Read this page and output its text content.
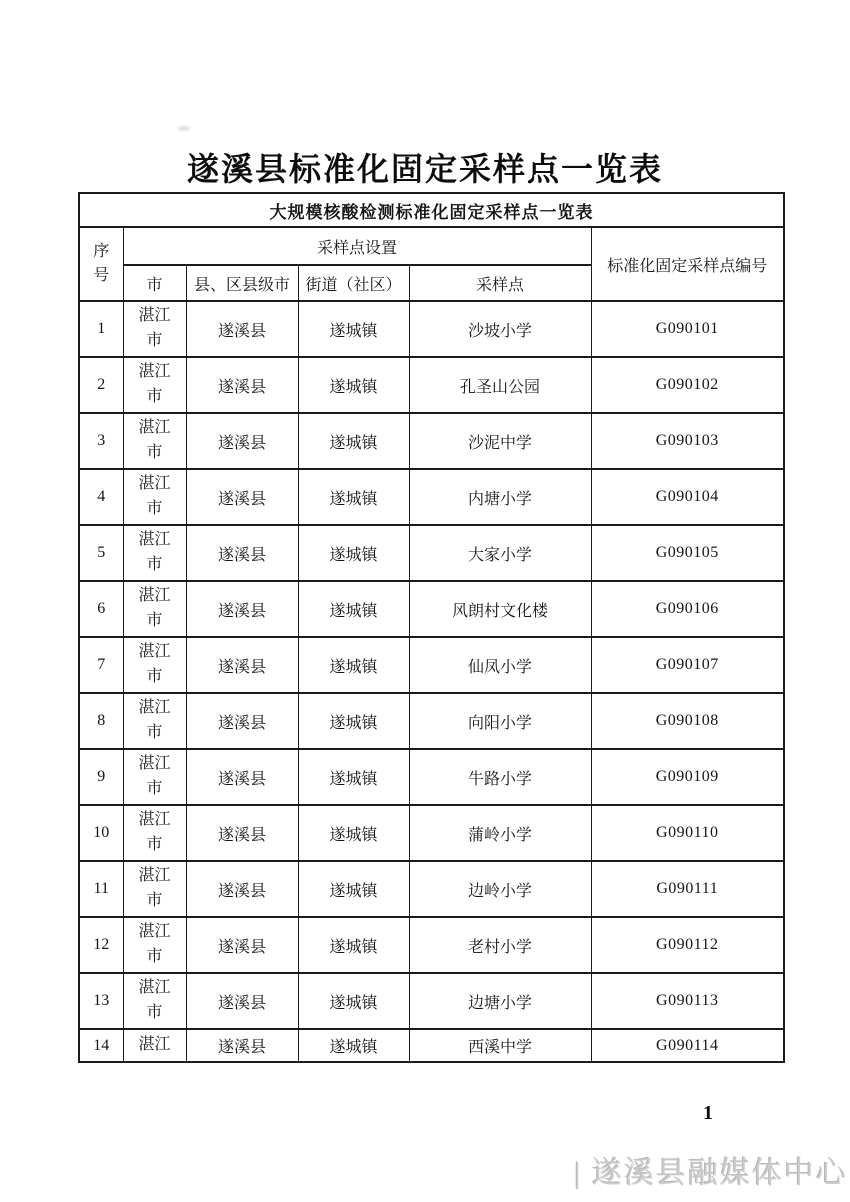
遂溪县标准化固定采样点一览表
大规模核酸检测标准化固定采样点一览表					
序号	采样点设置				标准化固定采样点编号
	市	县、区县级市	街道（社区）	采样点	
1	湛江市	遂溪县	遂城镇	沙坡小学	G090101
2	湛江市	遂溪县	遂城镇	孔圣山公园	G090102
3	湛江市	遂溪县	遂城镇	沙泥中学	G090103
4	湛江市	遂溪县	遂城镇	内塘小学	G090104
5	湛江市	遂溪县	遂城镇	大家小学	G090105
6	湛江市	遂溪县	遂城镇	风朗村文化楼	G090106
7	湛江市	遂溪县	遂城镇	仙凤小学	G090107
8	湛江市	遂溪县	遂城镇	向阳小学	G090108
9	湛江市	遂溪县	遂城镇	牛路小学	G090109
10	湛江市	遂溪县	遂城镇	蒲岭小学	G090110
11	湛江市	遂溪县	遂城镇	边岭小学	G090111
12	湛江市	遂溪县	遂城镇	老村小学	G090112
13	湛江市	遂溪县	遂城镇	边塘小学	G090113
14	湛江	遂溪县	遂城镇	西溪中学	G090114
1
| 遂溪县融媒体中心
